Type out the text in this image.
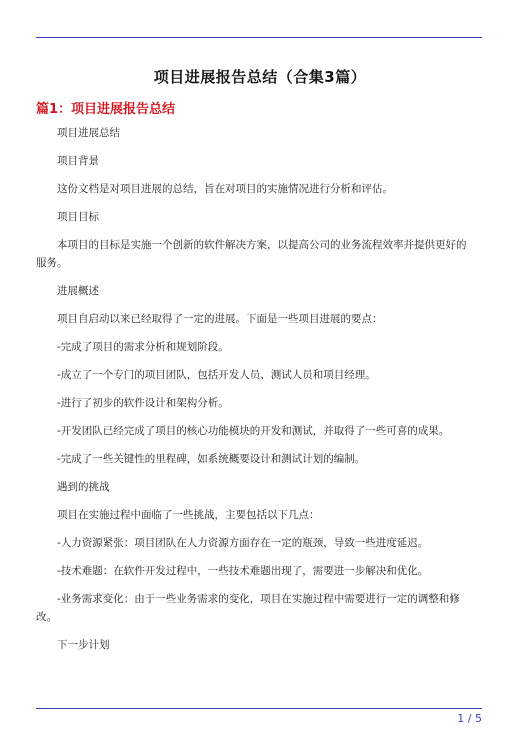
项目进展报告总结（合集3篇）
篇1：项目进展报告总结

项目进展总结

项目背景

这份文档是对项目进展的总结，旨在对项目的实施情况进行分析和评估。

项目目标

本项目的目标是实施一个创新的软件解决方案，以提高公司的业务流程效率并提供更好的服务。

进展概述

项目自启动以来已经取得了一定的进展。下面是一些项目进展的要点：

-完成了项目的需求分析和规划阶段。

-成立了一个专门的项目团队，包括开发人员、测试人员和项目经理。

-进行了初步的软件设计和架构分析。

-开发团队已经完成了项目的核心功能模块的开发和测试，并取得了一些可喜的成果。

-完成了一些关键性的里程碑，如系统概要设计和测试计划的编制。

遇到的挑战

项目在实施过程中面临了一些挑战，主要包括以下几点：

-人力资源紧张：项目团队在人力资源方面存在一定的瓶颈，导致一些进度延迟。

-技术难题：在软件开发过程中，一些技术难题出现了，需要进一步解决和优化。

-业务需求变化：由于一些业务需求的变化，项目在实施过程中需要进行一定的调整和修改。

下一步计划

1 / 5
